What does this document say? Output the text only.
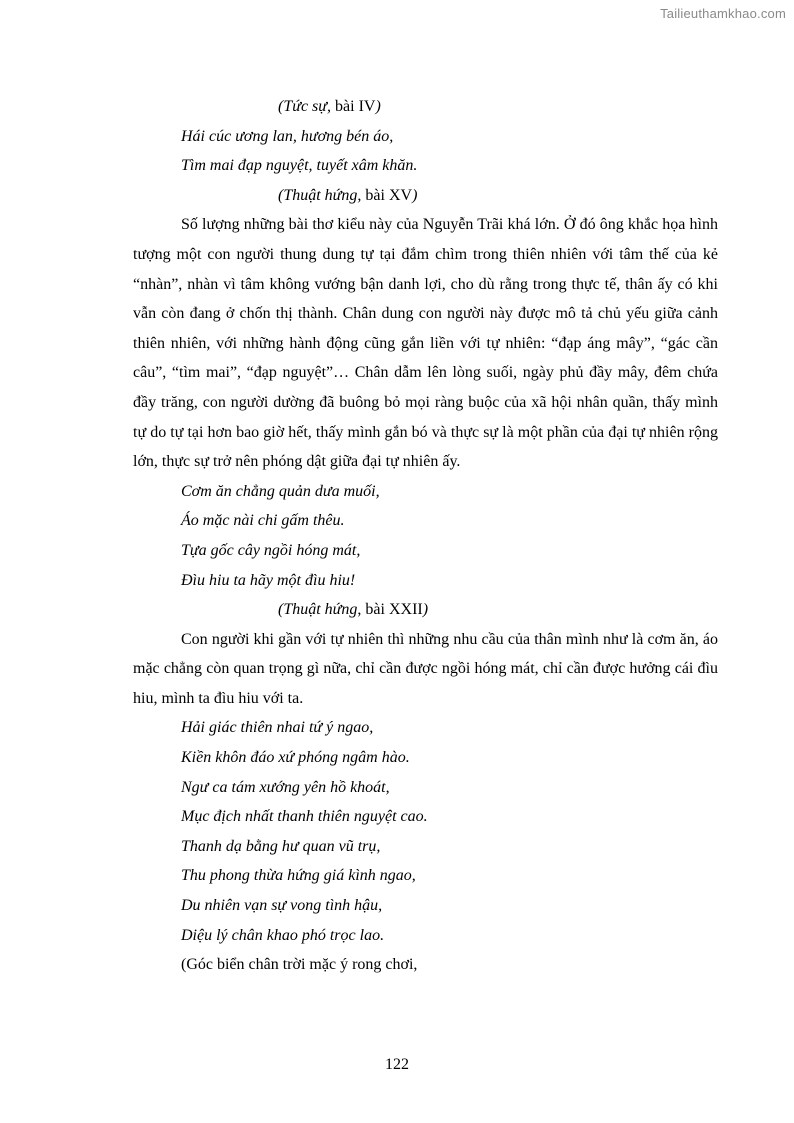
Tailieuthamkhao.com
(Tức sự, bài IV)
Hái cúc ương lan, hương bén áo,
Tìm mai đạp nguyệt, tuyết xâm khăn.
(Thuật hứng, bài XV)

Số lượng những bài thơ kiểu này của Nguyễn Trãi khá lớn. Ở đó ông khắc họa hình tượng một con người thung dung tự tại đắm chìm trong thiên nhiên với tâm thế của kẻ “nhàn”, nhàn vì tâm không vướng bận danh lợi, cho dù rằng trong thực tế, thân ấy có khi vẫn còn đang ở chốn thị thành. Chân dung con người này được mô tả chủ yếu giữa cảnh thiên nhiên, với những hành động cũng gắn liền với tự nhiên: “đạp áng mây”, “gác cần câu”, “tìm mai”, “đạp nguyệt”… Chân dẫm lên lòng suối, ngày phủ đầy mây, đêm chứa đầy trăng, con người dường đã buông bỏ mọi ràng buộc của xã hội nhân quần, thấy mình tự do tự tại hơn bao giờ hết, thấy mình gắn bó và thực sự là một phần của đại tự nhiên rộng lớn, thực sự trở nên phóng dật giữa đại tự nhiên ấy.

Cơm ăn chẳng quản dưa muối,
Áo mặc nài chi gấm thêu.
Tựa gốc cây ngồi hóng mát,
Đìu hiu ta hãy một đìu hiu!
(Thuật hứng, bài XXII)

Con người khi gần với tự nhiên thì những nhu cầu của thân mình như là cơm ăn, áo mặc chẳng còn quan trọng gì nữa, chỉ cần được ngồi hóng mát, chỉ cần được hưởng cái đìu hiu, mình ta đìu hiu với ta.

Hải giác thiên nhai tứ ý ngao,
Kiền khôn đáo xứ phóng ngâm hào.
Ngư ca tám xướng yên hồ khoát,
Mục địch nhất thanh thiên nguyệt cao.
Thanh dạ bằng hư quan vũ trụ,
Thu phong thừa hứng giá kình ngao,
Du nhiên vạn sự vong tình hậu,
Diệu lý chân khao phó trọc lao.
(Góc biển chân trời mặc ý rong chơi,
122
